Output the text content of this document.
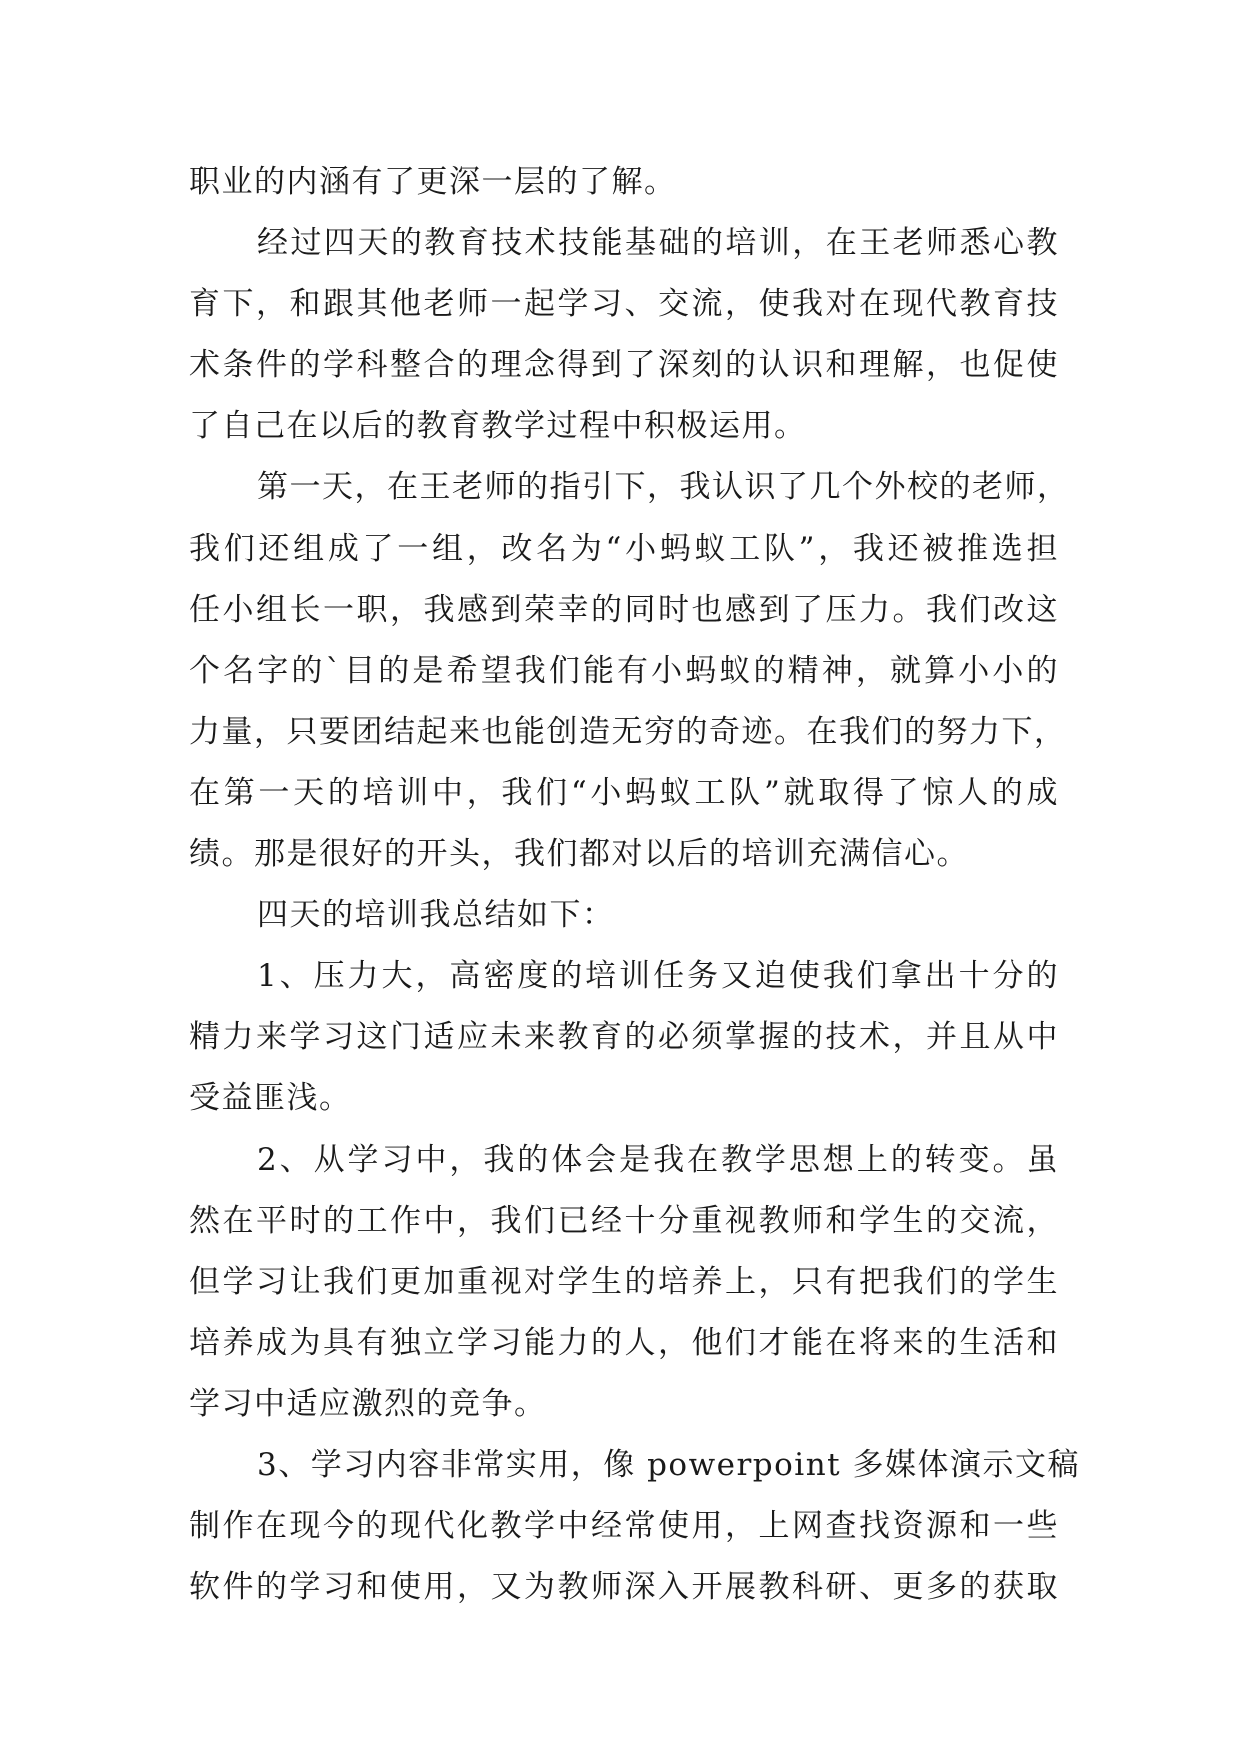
职业的内涵有了更深一层的了解。
经过四天的教育技术技能基础的培训，在王老师悉心教
育下，和跟其他老师一起学习、交流，使我对在现代教育技
术条件的学科整合的理念得到了深刻的认识和理解，也促使
了自己在以后的教育教学过程中积极运用。
第一天，在王老师的指引下，我认识了几个外校的老师，
我们还组成了一组，改名为“小蚂蚁工队”，我还被推选担
任小组长一职，我感到荣幸的同时也感到了压力。我们改这
个名字的`目的是希望我们能有小蚂蚁的精神，就算小小的
力量，只要团结起来也能创造无穷的奇迹。在我们的努力下，
在第一天的培训中，我们“小蚂蚁工队”就取得了惊人的成
绩。那是很好的开头，我们都对以后的培训充满信心。
四天的培训我总结如下：
1、压力大，高密度的培训任务又迫使我们拿出十分的
精力来学习这门适应未来教育的必须掌握的技术，并且从中
受益匪浅。
2、从学习中，我的体会是我在教学思想上的转变。虽
然在平时的工作中，我们已经十分重视教师和学生的交流，
但学习让我们更加重视对学生的培养上，只有把我们的学生
培养成为具有独立学习能力的人，他们才能在将来的生活和
学习中适应激烈的竞争。
3、学习内容非常实用，像 powerpoint 多媒体演示文稿
制作在现今的现代化教学中经常使用，上网查找资源和一些
软件的学习和使用，又为教师深入开展教科研、更多的获取
